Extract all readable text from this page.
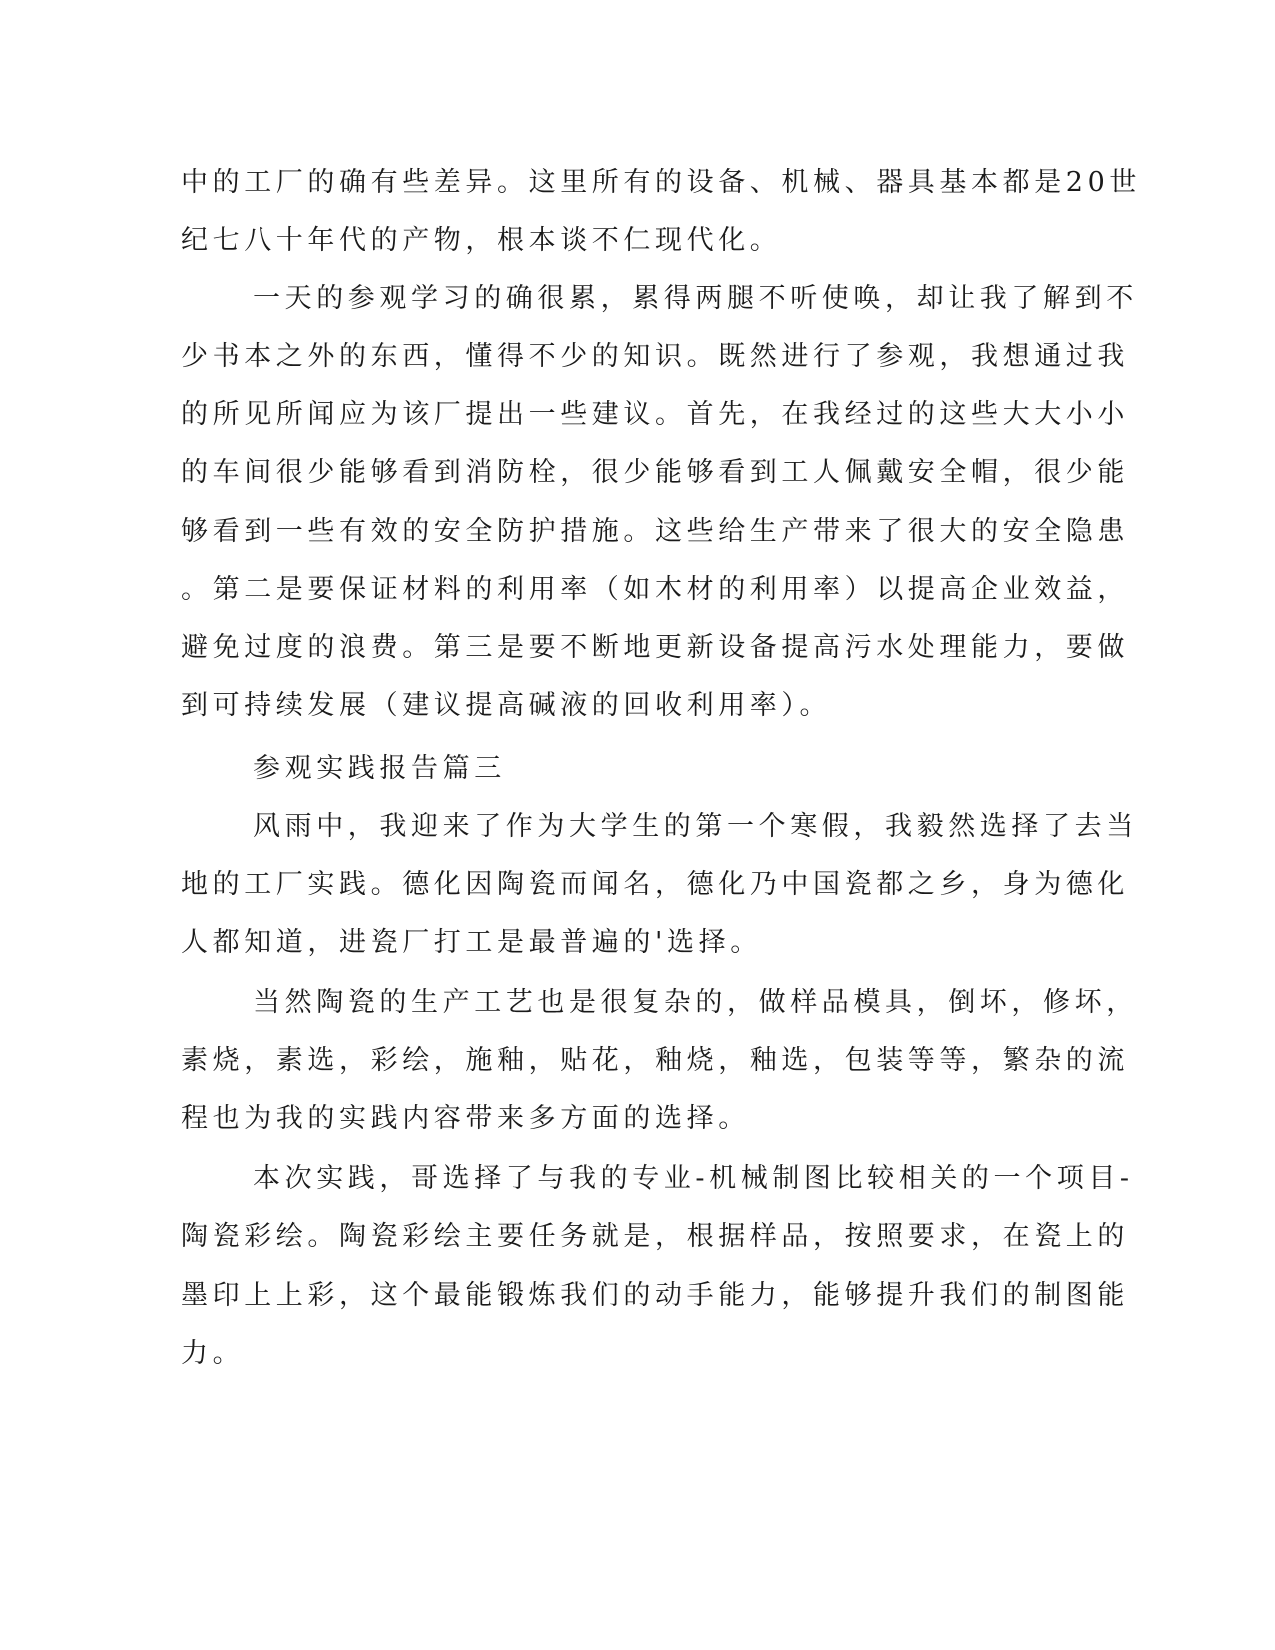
中的工厂的确有些差异。这里所有的设备、机械、器具基本都是20世
纪七八十年代的产物，根本谈不仁现代化。
一天的参观学习的确很累，累得两腿不听使唤，却让我了解到不
少书本之外的东西，懂得不少的知识。既然进行了参观，我想通过我
的所见所闻应为该厂提出一些建议。首先，在我经过的这些大大小小
的车间很少能够看到消防栓，很少能够看到工人佩戴安全帽，很少能
够看到一些有效的安全防护措施。这些给生产带来了很大的安全隐患
。第二是要保证材料的利用率（如木材的利用率）以提高企业效益，
避免过度的浪费。第三是要不断地更新设备提高污水处理能力，要做
到可持续发展（建议提高碱液的回收利用率）。
参观实践报告篇三
风雨中，我迎来了作为大学生的第一个寒假，我毅然选择了去当
地的工厂实践。德化因陶瓷而闻名，德化乃中国瓷都之乡，身为德化
人都知道，进瓷厂打工是最普遍的'选择。
当然陶瓷的生产工艺也是很复杂的，做样品模具，倒坏，修坏，
素烧，素选，彩绘，施釉，贴花，釉烧，釉选，包装等等，繁杂的流
程也为我的实践内容带来多方面的选择。
本次实践，哥选择了与我的专业-机械制图比较相关的一个项目-
陶瓷彩绘。陶瓷彩绘主要任务就是，根据样品，按照要求，在瓷上的
墨印上上彩，这个最能锻炼我们的动手能力，能够提升我们的制图能
力。
